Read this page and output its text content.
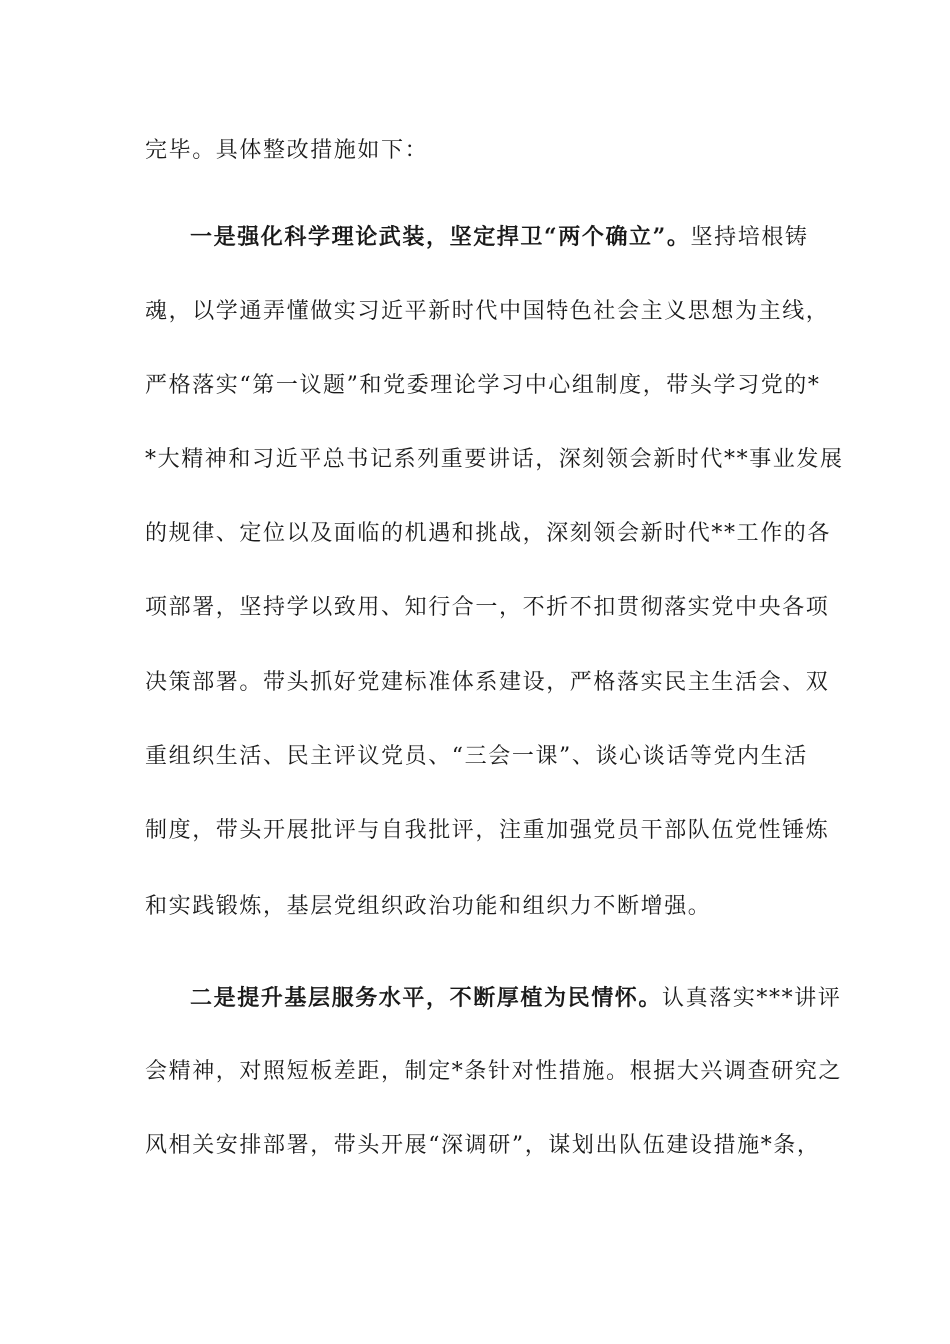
完毕。具体整改措施如下：
一是强化科学理论武装，坚定捍卫“两个确立”。坚持培根铸
魂，以学通弄懂做实习近平新时代中国特色社会主义思想为主线，
严格落实“第一议题”和党委理论学习中心组制度，带头学习党的*
*大精神和习近平总书记系列重要讲话，深刻领会新时代**事业发展
的规律、定位以及面临的机遇和挑战，深刻领会新时代**工作的各
项部署，坚持学以致用、知行合一，不折不扣贯彻落实党中央各项
决策部署。带头抓好党建标准体系建设，严格落实民主生活会、双
重组织生活、民主评议党员、“三会一课”、谈心谈话等党内生活
制度，带头开展批评与自我批评，注重加强党员干部队伍党性锤炼
和实践锻炼，基层党组织政治功能和组织力不断增强。
二是提升基层服务水平，不断厚植为民情怀。认真落实***讲评
会精神，对照短板差距，制定*条针对性措施。根据大兴调查研究之
风相关安排部署，带头开展“深调研”，谋划出队伍建设措施*条，
